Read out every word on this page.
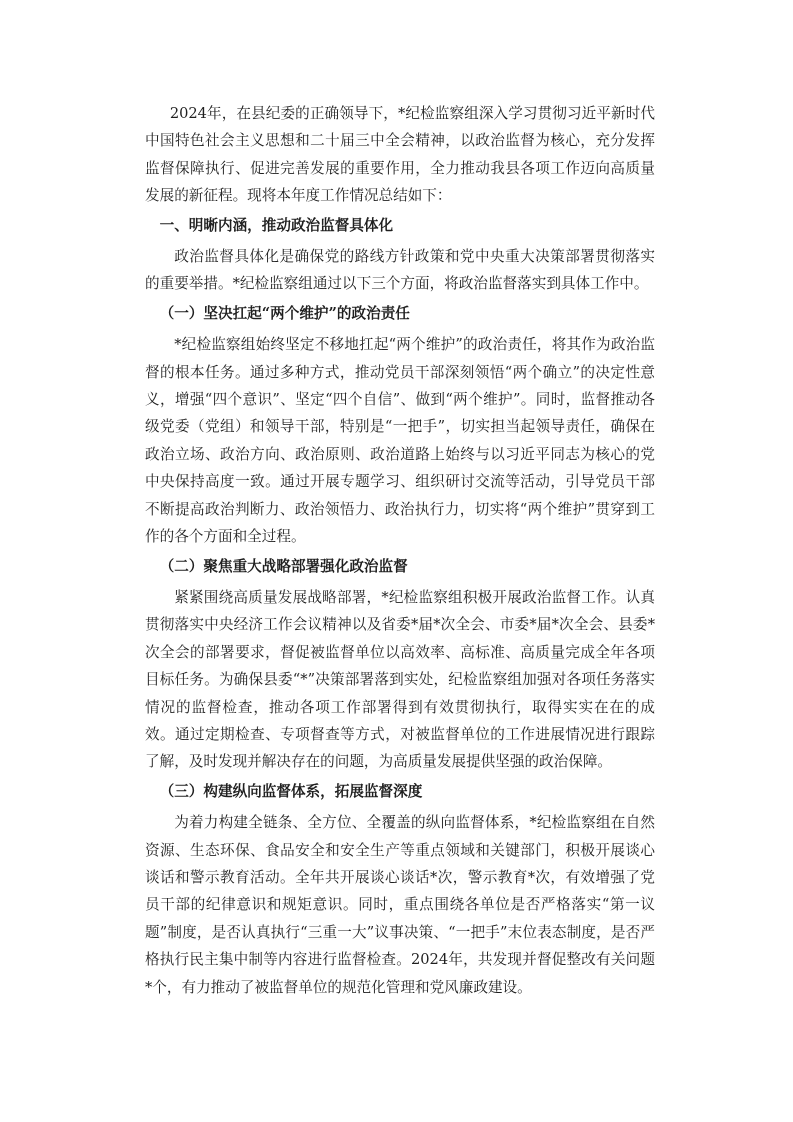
2024年，在县纪委的正确领导下，*纪检监察组深入学习贯彻习近平新时代中国特色社会主义思想和二十届三中全会精神，以政治监督为核心，充分发挥监督保障执行、促进完善发展的重要作用，全力推动我县各项工作迈向高质量发展的新征程。现将本年度工作情况总结如下：

一、明晰内涵，推动政治监督具体化

政治监督具体化是确保党的路线方针政策和党中央重大决策部署贯彻落实的重要举措。*纪检监察组通过以下三个方面，将政治监督落实到具体工作中。

（一）坚决扛起“两个维护”的政治责任

*纪检监察组始终坚定不移地扛起“两个维护”的政治责任，将其作为政治监督的根本任务。通过多种方式，推动党员干部深刻领悟“两个确立”的决定性意义，增强“四个意识”、坚定“四个自信”、做到“两个维护”。同时，监督推动各级党委（党组）和领导干部，特别是“一把手”，切实担当起领导责任，确保在政治立场、政治方向、政治原则、政治道路上始终与以习近平同志为核心的党中央保持高度一致。通过开展专题学习、组织研讨交流等活动，引导党员干部不断提高政治判断力、政治领悟力、政治执行力，切实将“两个维护”贯穿到工作的各个方面和全过程。

（二）聚焦重大战略部署强化政治监督

紧紧围绕高质量发展战略部署，*纪检监察组积极开展政治监督工作。认真贯彻落实中央经济工作会议精神以及省委*届*次全会、市委*届*次全会、县委*次全会的部署要求，督促被监督单位以高效率、高标准、高质量完成全年各项目标任务。为确保县委“*”决策部署落到实处，纪检监察组加强对各项任务落实情况的监督检查，推动各项工作部署得到有效贯彻执行，取得实实在在的成效。通过定期检查、专项督查等方式，对被监督单位的工作进展情况进行跟踪了解，及时发现并解决存在的问题，为高质量发展提供坚强的政治保障。

（三）构建纵向监督体系，拓展监督深度

为着力构建全链条、全方位、全覆盖的纵向监督体系，*纪检监察组在自然资源、生态环保、食品安全和安全生产等重点领域和关键部门，积极开展谈心谈话和警示教育活动。全年共开展谈心谈话*次，警示教育*次，有效增强了党员干部的纪律意识和规矩意识。同时，重点围绕各单位是否严格落实“第一议题”制度，是否认真执行“三重一大”议事决策、“一把手”末位表态制度，是否严格执行民主集中制等内容进行监督检查。2024年，共发现并督促整改有关问题*个，有力推动了被监督单位的规范化管理和党风廉政建设。
